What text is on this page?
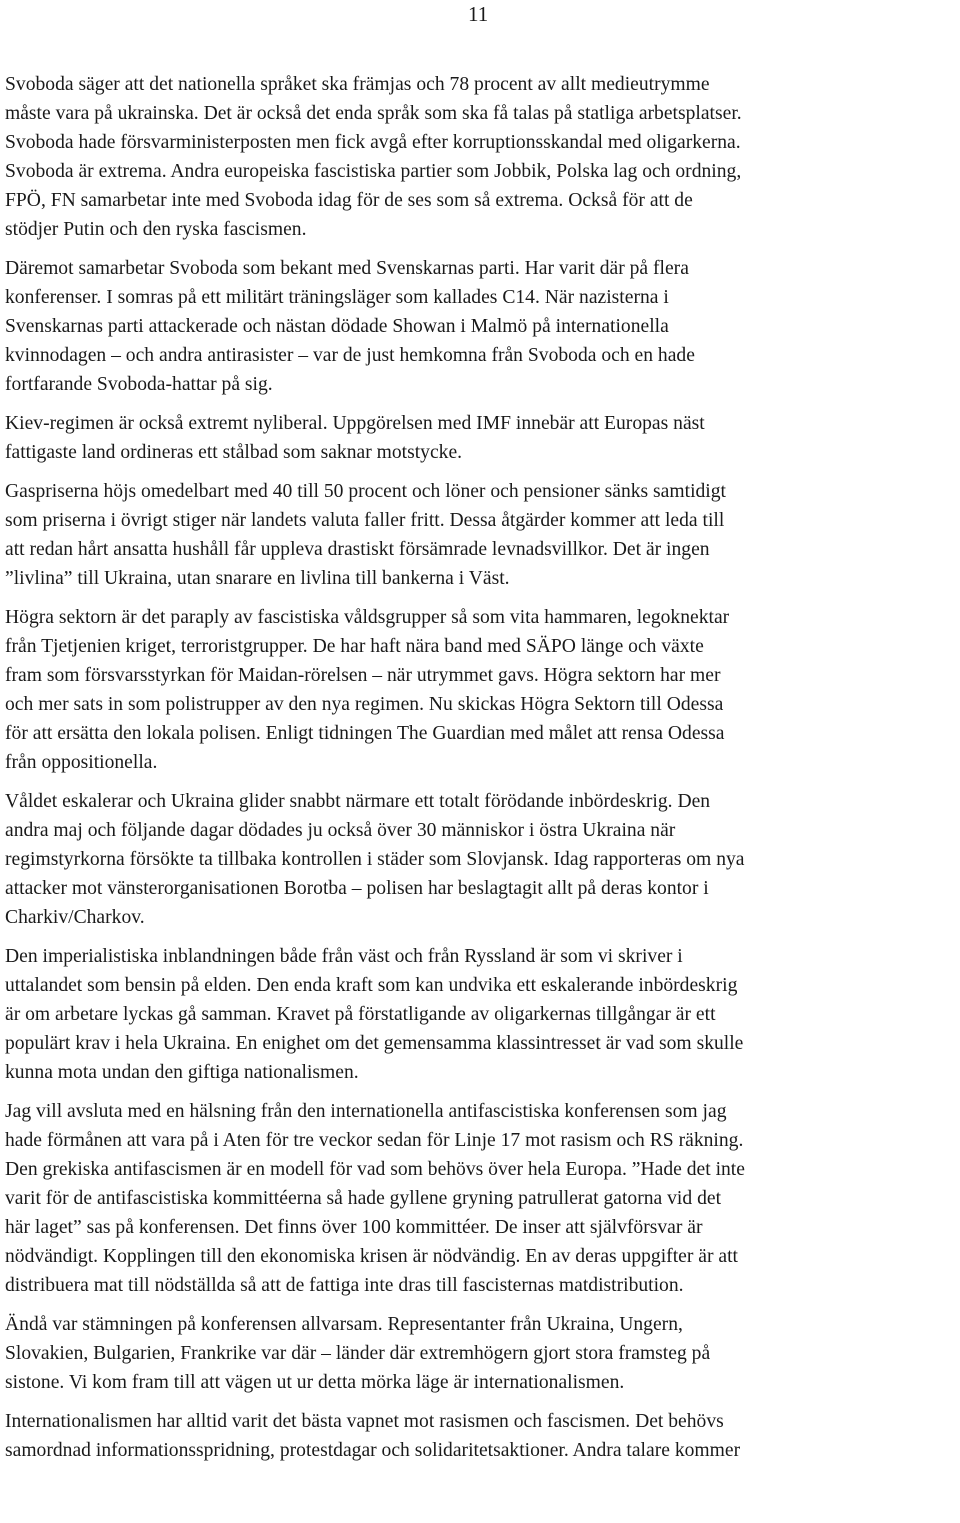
11

Svoboda säger att det nationella språket ska främjas och 78 procent av allt medieutrymme
måste vara på ukrainska. Det är också det enda språk som ska få talas på statliga arbetsplatser.
Svoboda hade försvarministerposten men fick avgå efter korruptionsskandal med oligarkerna.
Svoboda är extrema. Andra europeiska fascistiska partier som Jobbik, Polska lag och ordning,
FPÖ, FN samarbetar inte med Svoboda idag för de ses som så extrema. Också för att de
stödjer Putin och den ryska fascismen.

Däremot samarbetar Svoboda som bekant med Svenskarnas parti. Har varit där på flera
konferenser. I somras på ett militärt träningsläger som kallades C14. När nazisterna i
Svenskarnas parti attackerade och nästan dödade Showan i Malmö på internationella
kvinnodagen – och andra antirasister – var de just hemkomna från Svoboda och en hade
fortfarande Svoboda-hattar på sig.

Kiev-regimen är också extremt nyliberal. Uppgörelsen med IMF innebär att Europas näst
fattigaste land ordineras ett stålbad som saknar motstycke.

Gaspriserna höjs omedelbart med 40 till 50 procent och löner och pensioner sänks samtidigt
som priserna i övrigt stiger när landets valuta faller fritt. Dessa åtgärder kommer att leda till
att redan hårt ansatta hushåll får uppleva drastiskt försämrade levnadsvillkor. Det är ingen
”livlina” till Ukraina, utan snarare en livlina till bankerna i Väst.

Högra sektorn är det paraply av fascistiska våldsgrupper så som vita hammaren, legoknektar
från Tjetjenien kriget, terroristgrupper. De har haft nära band med SÄPO länge och växte
fram som försvarsstyrkan för Maidan-rörelsen – när utrymmet gavs. Högra sektorn har mer
och mer sats in som polistrupper av den nya regimen. Nu skickas Högra Sektorn till Odessa
för att ersätta den lokala polisen. Enligt tidningen The Guardian med målet att rensa Odessa
från oppositionella.

Våldet eskalerar och Ukraina glider snabbt närmare ett totalt förödande inbördeskrig. Den
andra maj och följande dagar dödades ju också över 30 människor i östra Ukraina när
regimstyrkorna försökte ta tillbaka kontrollen i städer som Slovjansk. Idag rapporteras om nya
attacker mot vänsterorganisationen Borotba – polisen har beslagtagit allt på deras kontor i
Charkiv/Charkov.

Den imperialistiska inblandningen både från väst och från Ryssland är som vi skriver i
uttalandet som bensin på elden. Den enda kraft som kan undvika ett eskalerande inbördeskrig
är om arbetare lyckas gå samman. Kravet på förstatligande av oligarkernas tillgångar är ett
populärt krav i hela Ukraina. En enighet om det gemensamma klassintresset är vad som skulle
kunna mota undan den giftiga nationalismen.

Jag vill avsluta med en hälsning från den internationella antifascistiska konferensen som jag
hade förmånen att vara på i Aten för tre veckor sedan för Linje 17 mot rasism och RS räkning.
Den grekiska antifascismen är en modell för vad som behövs över hela Europa. ”Hade det inte
varit för de antifascistiska kommittéerna så hade gyllene gryning patrullerat gatorna vid det
här laget” sas på konferensen. Det finns över 100 kommittéer. De inser att självförsvar är
nödvändigt. Kopplingen till den ekonomiska krisen är nödvändig. En av deras uppgifter är att
distribuera mat till nödställda så att de fattiga inte dras till fascisternas matdistribution.

Ändå var stämningen på konferensen allvarsam. Representanter från Ukraina, Ungern,
Slovakien, Bulgarien, Frankrike var där – länder där extremhögern gjort stora framsteg på
sistone. Vi kom fram till att vägen ut ur detta mörka läge är internationalismen.

Internationalismen har alltid varit det bästa vapnet mot rasismen och fascismen. Det behövs
samordnad informationsspridning, protestdagar och solidaritetsaktioner. Andra talare kommer
